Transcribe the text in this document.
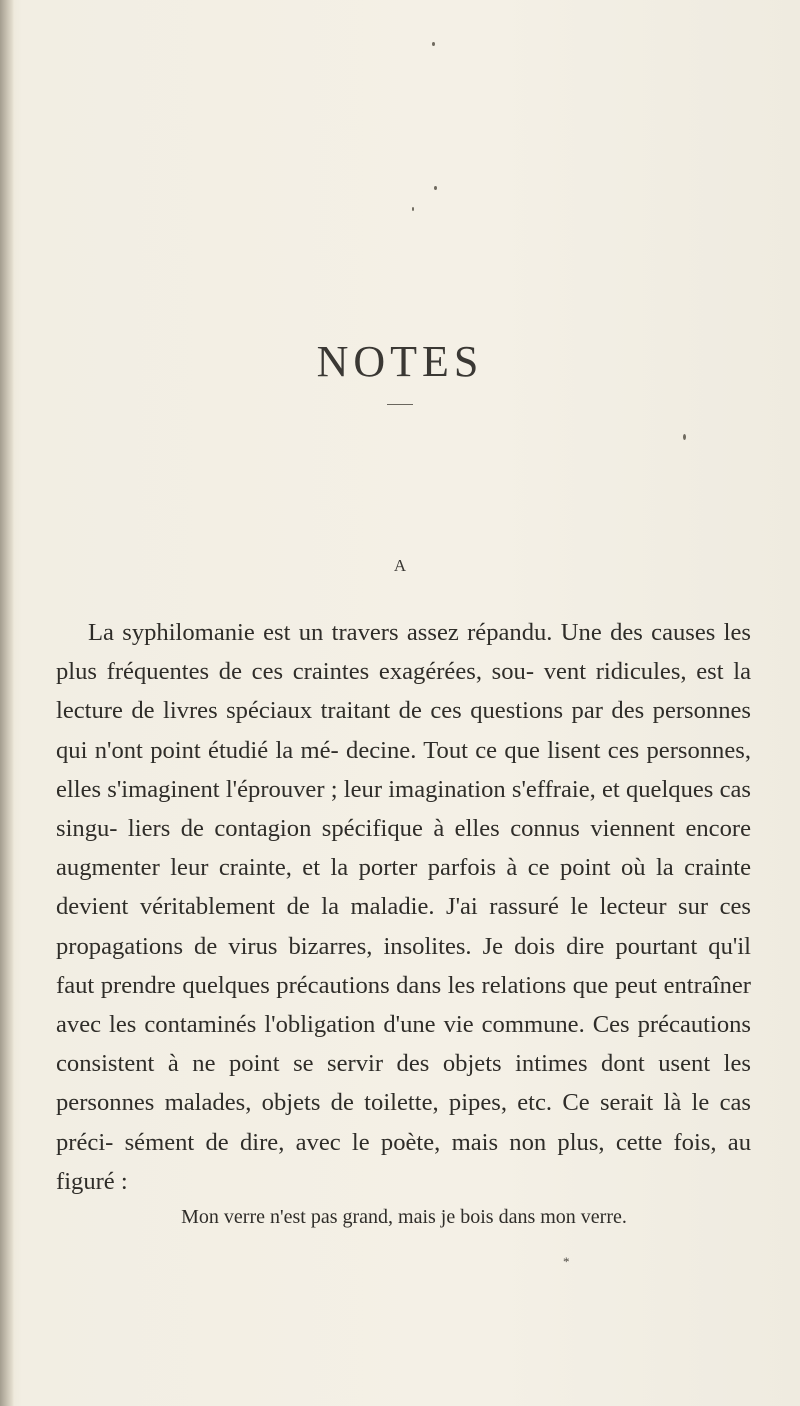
NOTES
A

La syphilomanie est un travers assez répandu. Une des causes les plus fréquentes de ces craintes exagérées, sou- vent ridicules, est la lecture de livres spéciaux traitant de ces questions par des personnes qui n'ont point étudié la mé- decine. Tout ce que lisent ces personnes, elles s'imaginent l'éprouver ; leur imagination s'effraie, et quelques cas singu- liers de contagion spécifique à elles connus viennent encore augmenter leur crainte, et la porter parfois à ce point où la crainte devient véritablement de la maladie. J'ai rassuré le lecteur sur ces propagations de virus bizarres, insolites. Je dois dire pourtant qu'il faut prendre quelques précautions dans les relations que peut entraîner avec les contaminés l'obligation d'une vie commune. Ces précautions consistent à ne point se servir des objets intimes dont usent les personnes malades, objets de toilette, pipes, etc. Ce serait là le cas préci- sément de dire, avec le poète, mais non plus, cette fois, au figuré :

Mon verre n'est pas grand, mais je bois dans mon verre.
*
